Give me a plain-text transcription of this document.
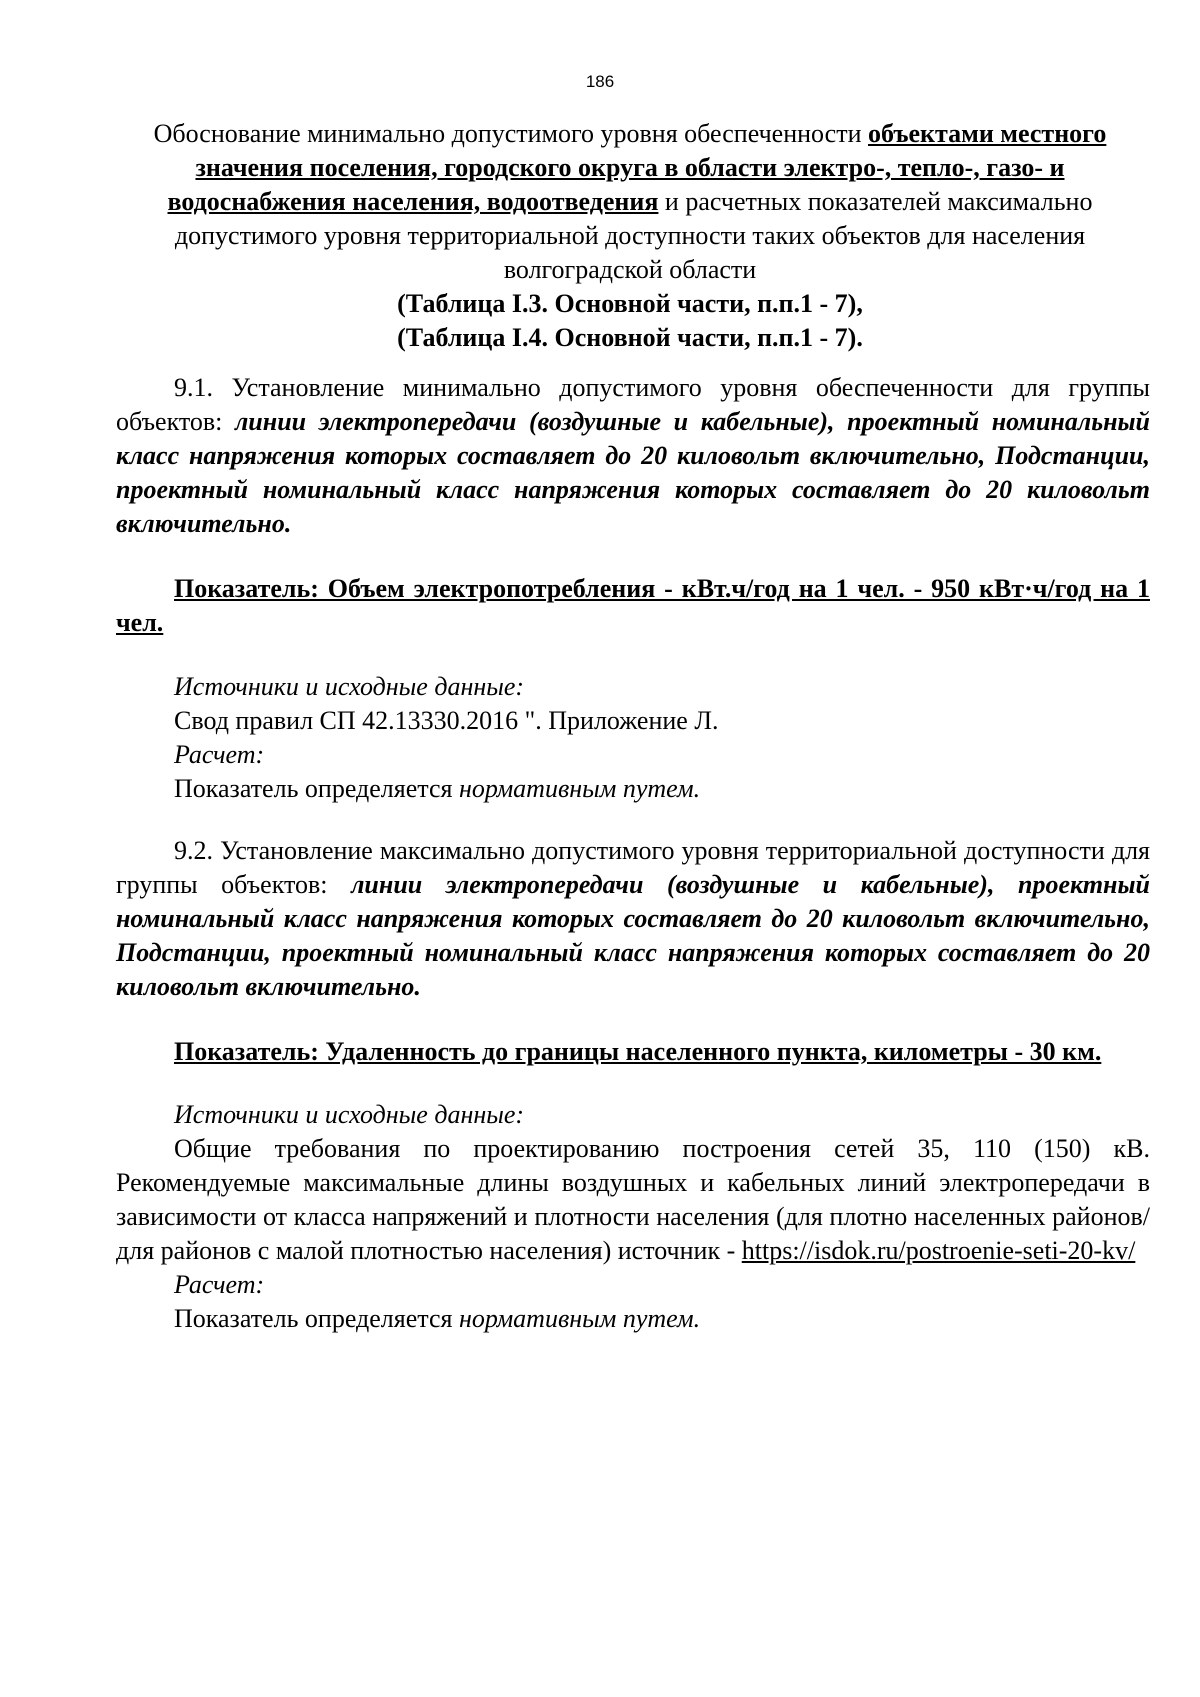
186
Обоснование минимально допустимого уровня обеспеченности объектами местного значения поселения, городского округа в области электро-, тепло-, газо- и водоснабжения населения, водоотведения и расчетных показателей максимально допустимого уровня территориальной доступности таких объектов для населения волгоградской области
(Таблица I.3. Основной части, п.п.1 - 7),
(Таблица I.4. Основной части, п.п.1 - 7).
9.1. Установление минимально допустимого уровня обеспеченности для группы объектов: линии электропередачи (воздушные и кабельные), проектный номинальный класс напряжения которых составляет до 20 киловольт включительно, Подстанции, проектный номинальный класс напряжения которых составляет до 20 киловольт включительно.
Показатель: Объем электропотребления - кВт.ч/год на 1 чел. - 950 кВт·ч/год на 1 чел.
Источники и исходные данные:
Свод правил СП 42.13330.2016 ". Приложение Л.
Расчет:
Показатель определяется нормативным путем.
9.2. Установление максимально допустимого уровня территориальной доступности для группы объектов: линии электропередачи (воздушные и кабельные), проектный номинальный класс напряжения которых составляет до 20 киловольт включительно, Подстанции, проектный номинальный класс напряжения которых составляет до 20 киловольт включительно.
Показатель: Удаленность до границы населенного пункта, километры - 30 км.
Источники и исходные данные:
Общие требования по проектированию построения сетей 35, 110 (150) кВ. Рекомендуемые максимальные длины воздушных и кабельных линий электропередачи в зависимости от класса напряжений и плотности населения (для плотно населенных районов/ для районов с малой плотностью населения) источник - https://isdok.ru/postroenie-seti-20-kv/
Расчет:
Показатель определяется нормативным путем.
